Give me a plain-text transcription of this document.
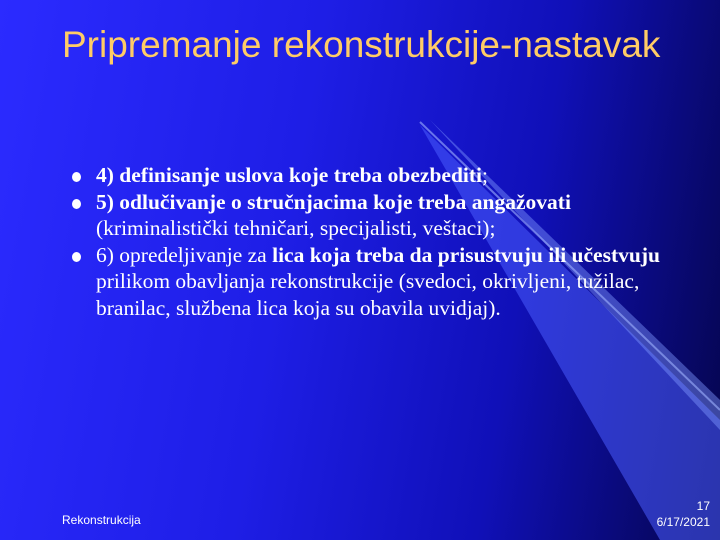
Pripremanje rekonstrukcije-nastavak
4) definisanje uslova koje treba obezbediti;
5) odlučivanje o stručnjacima koje treba angažovati (kriminalistički tehničari, specijalisti, veštaci);
6) opredeljivanje za lica koja treba da prisustvuju ili učestvuju prilikom obavljanja rekonstrukcije (svedoci, okrivljeni, tužilac, branilac, službena lica koja su obavila uvidjaj).
Rekonstrukcija
17
6/17/2021
